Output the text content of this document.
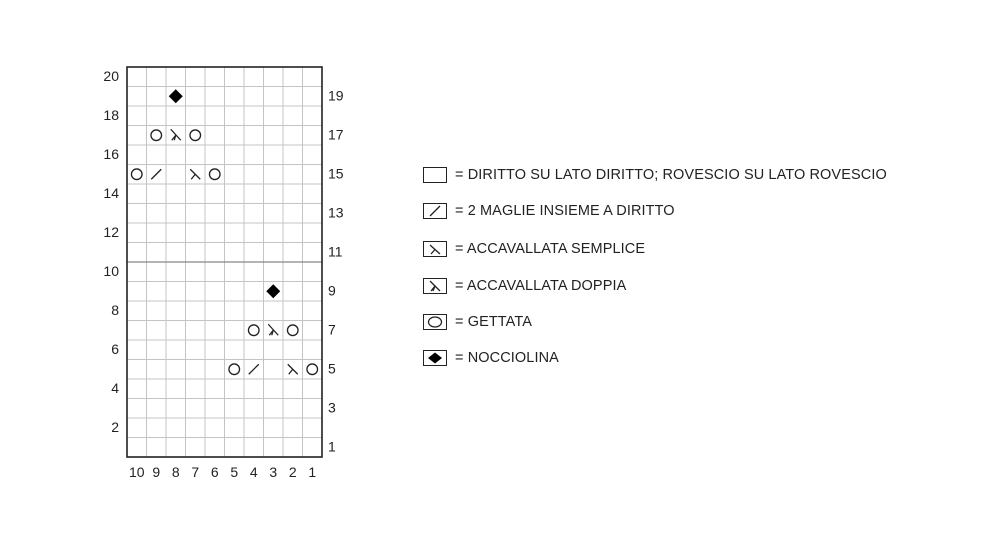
10 9 8 7 6 5 4 3 2 1
20
18
16
14
12
10
8
6
4
2
19
17
15
13
11
9
7
5
3
1
= DIRITTO SU LATO DIRITTO; ROVESCIO SU LATO ROVESCIO
= 2 MAGLIE INSIEME A DIRITTO
= ACCAVALLATA SEMPLICE
= ACCAVALLATA DOPPIA
= GETTATA
= NOCCIOLINA
